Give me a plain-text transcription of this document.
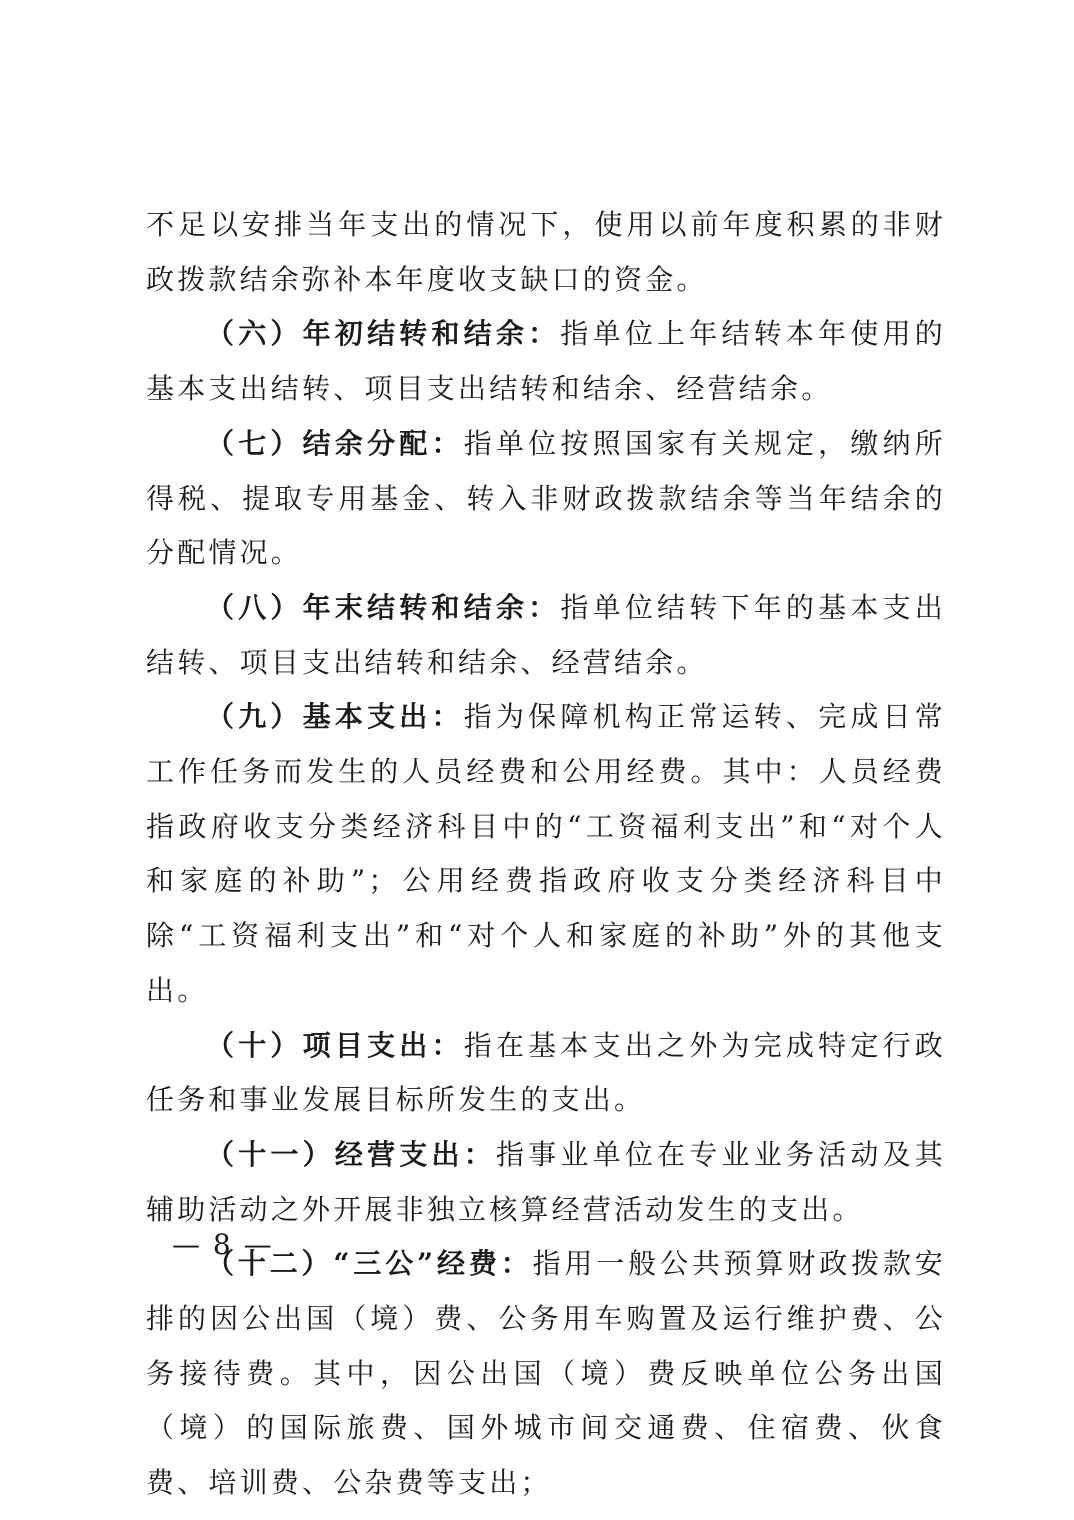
不足以安排当年支出的情况下，使用以前年度积累的非财政拨款结余弥补本年度收支缺口的资金。

（六）年初结转和结余：指单位上年结转本年使用的基本支出结转、项目支出结转和结余、经营结余。

（七）结余分配：指单位按照国家有关规定，缴纳所得税、提取专用基金、转入非财政拨款结余等当年结余的分配情况。

（八）年末结转和结余：指单位结转下年的基本支出结转、项目支出结转和结余、经营结余。

（九）基本支出：指为保障机构正常运转、完成日常工作任务而发生的人员经费和公用经费。其中：人员经费指政府收支分类经济科目中的“工资福利支出”和“对个人和家庭的补助”；公用经费指政府收支分类经济科目中除“工资福利支出”和“对个人和家庭的补助”外的其他支出。

（十）项目支出：指在基本支出之外为完成特定行政任务和事业发展目标所发生的支出。

（十一）经营支出：指事业单位在专业业务活动及其辅助活动之外开展非独立核算经营活动发生的支出。

（十二）“三公”经费：指用一般公共预算财政拨款安排的因公出国（境）费、公务用车购置及运行维护费、公务接待费。其中，因公出国（境）费反映单位公务出国（境）的国际旅费、国外城市间交通费、住宿费、伙食费、培训费、公杂费等支出；

— 8 —
